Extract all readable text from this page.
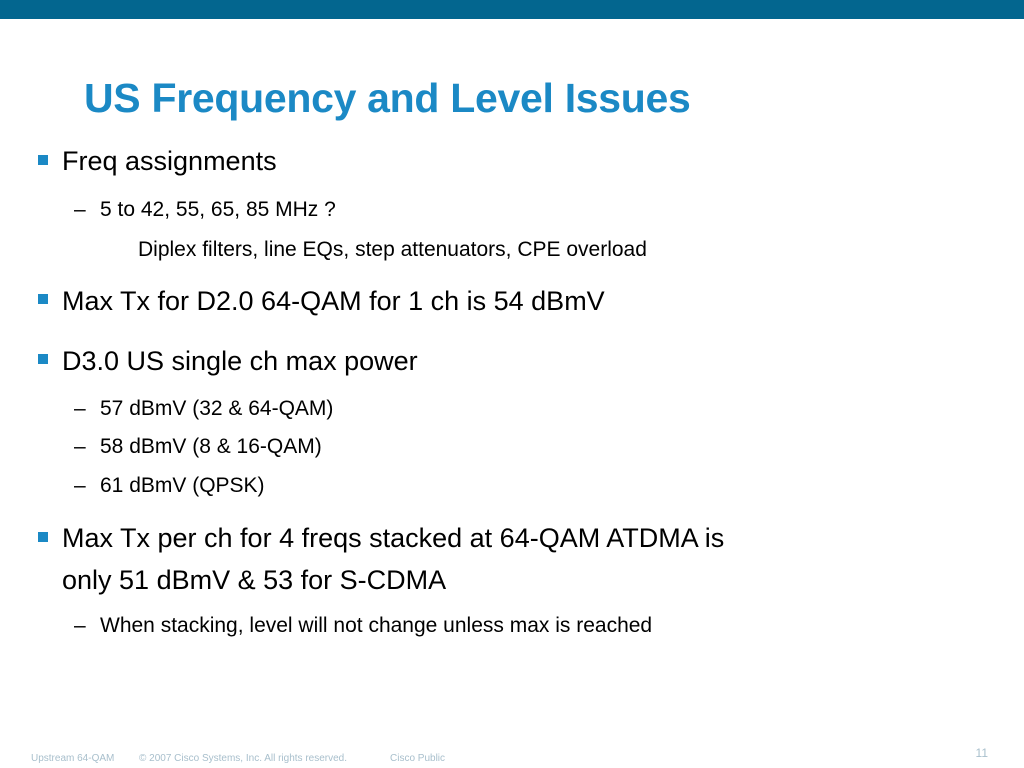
US Frequency and Level Issues
Freq assignments
– 5 to 42, 55, 65, 85 MHz ?
Diplex filters, line EQs, step attenuators, CPE overload
Max Tx for D2.0 64-QAM for 1 ch is 54 dBmV
D3.0 US single ch max power
– 57 dBmV (32 & 64-QAM)
– 58 dBmV (8 & 16-QAM)
– 61 dBmV (QPSK)
Max Tx per ch for 4 freqs stacked at 64-QAM ATDMA is
only 51 dBmV & 53 for S-CDMA
– When stacking, level will not change unless max is reached
Upstream 64-QAM © 2007 Cisco Systems, Inc. All rights reserved.	Cisco Public	11
